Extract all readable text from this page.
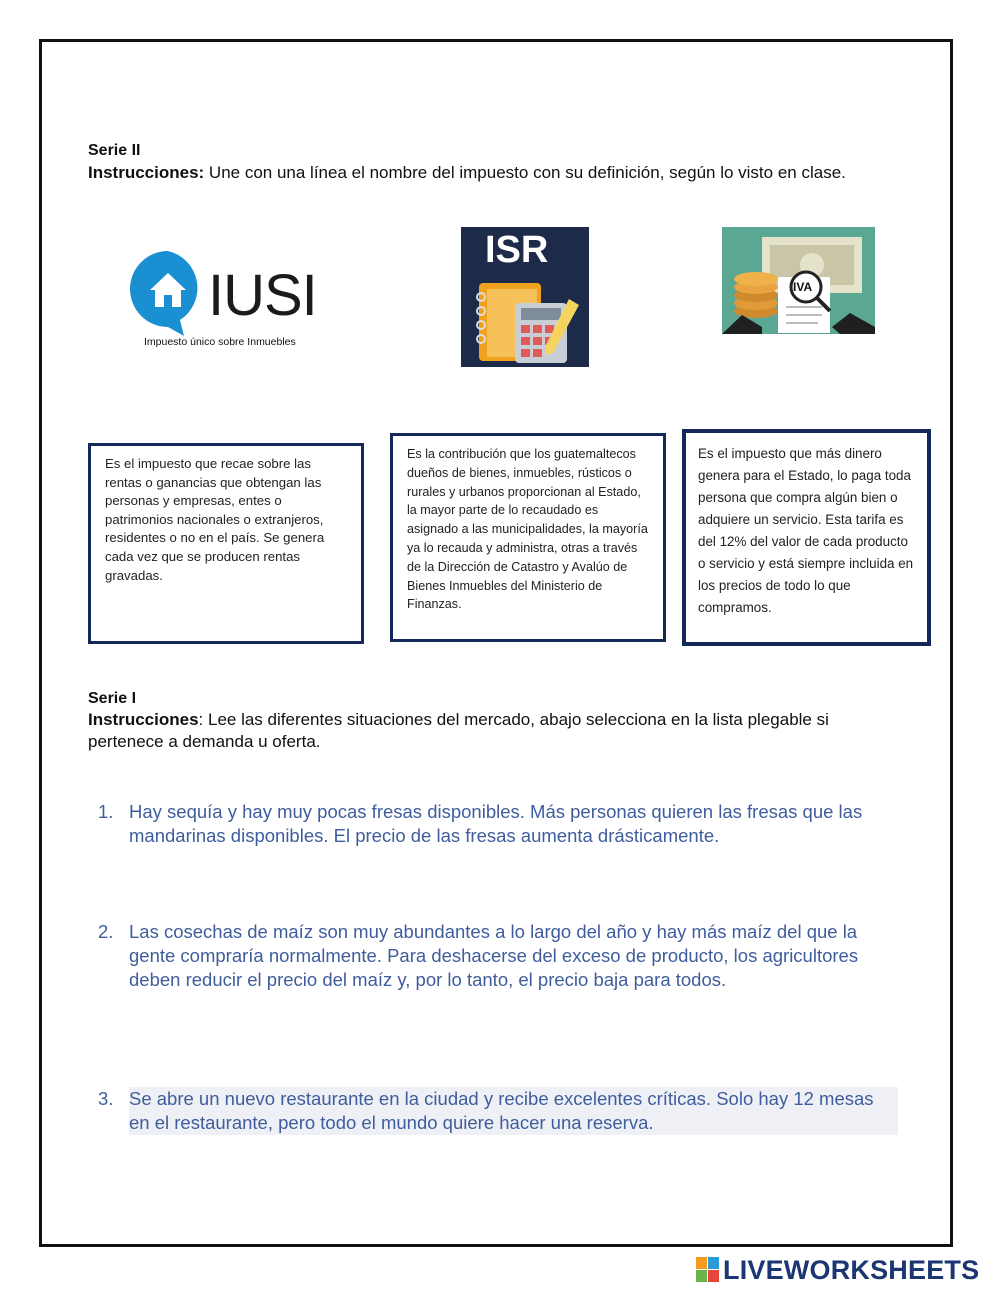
Serie II
Instrucciones: Une con una línea el nombre del impuesto con su definición, según lo visto en clase.
IUSI
Impuesto único sobre Inmuebles
ISR
IVA
Es el impuesto que recae sobre las rentas o ganancias que obtengan las personas y empresas, entes o patrimonios nacionales o extranjeros, residentes o no en el país. Se genera cada vez que se producen rentas gravadas.
Es la contribución que los guatemaltecos dueños de bienes, inmuebles, rústicos o rurales y urbanos proporcionan al Estado, la mayor parte de lo recaudado es asignado a las municipalidades, la mayoría ya lo recauda y administra, otras a través de la Dirección de Catastro y Avalúo de Bienes Inmuebles del Ministerio de Finanzas.
Es el impuesto que más dinero genera para el Estado, lo paga toda persona que compra algún bien o adquiere un servicio. Esta tarifa es del 12% del valor de cada producto o servicio y está siempre incluida en los precios de todo lo que compramos.
Serie I
Instrucciones: Lee las diferentes situaciones del mercado, abajo selecciona en la lista plegable si pertenece a demanda u oferta.
1. Hay sequía y hay muy pocas fresas disponibles. Más personas quieren las fresas que las mandarinas disponibles. El precio de las fresas aumenta drásticamente.
2. Las cosechas de maíz son muy abundantes a lo largo del año y hay más maíz del que la gente compraría normalmente. Para deshacerse del exceso de producto, los agricultores deben reducir el precio del maíz y, por lo tanto, el precio baja para todos.
3. Se abre un nuevo restaurante en la ciudad y recibe excelentes críticas. Solo hay 12 mesas en el restaurante, pero todo el mundo quiere hacer una reserva.
LIVEWORKSHEETS
